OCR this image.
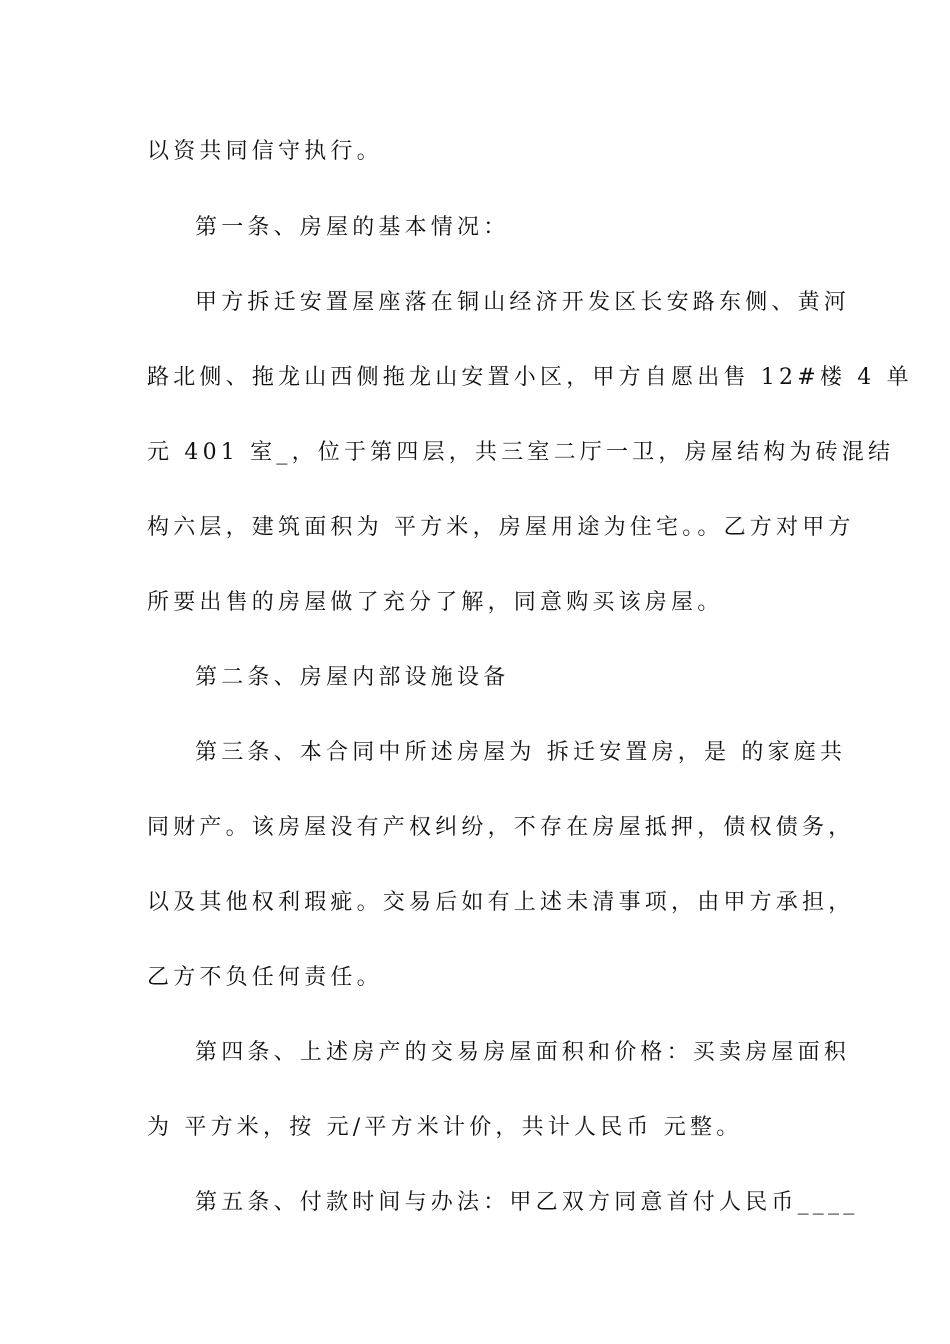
以资共同信守执行。

第一条、房屋的基本情况：

甲方拆迁安置屋座落在铜山经济开发区长安路东侧、黄河

路北侧、拖龙山西侧拖龙山安置小区，甲方自愿出售 12#楼 4 单

元 401 室_，位于第四层，共三室二厅一卫，房屋结构为砖混结

构六层，建筑面积为 平方米，房屋用途为住宅。。乙方对甲方

所要出售的房屋做了充分了解，同意购买该房屋。

第二条、房屋内部设施设备

第三条、本合同中所述房屋为 拆迁安置房，是 的家庭共

同财产。该房屋没有产权纠纷，不存在房屋抵押，债权债务，

以及其他权利瑕疵。交易后如有上述未清事项，由甲方承担，

乙方不负任何责任。

第四条、上述房产的交易房屋面积和价格：买卖房屋面积

为 平方米，按 元/平方米计价，共计人民币 元整。

第五条、付款时间与办法：甲乙双方同意首付人民币____
